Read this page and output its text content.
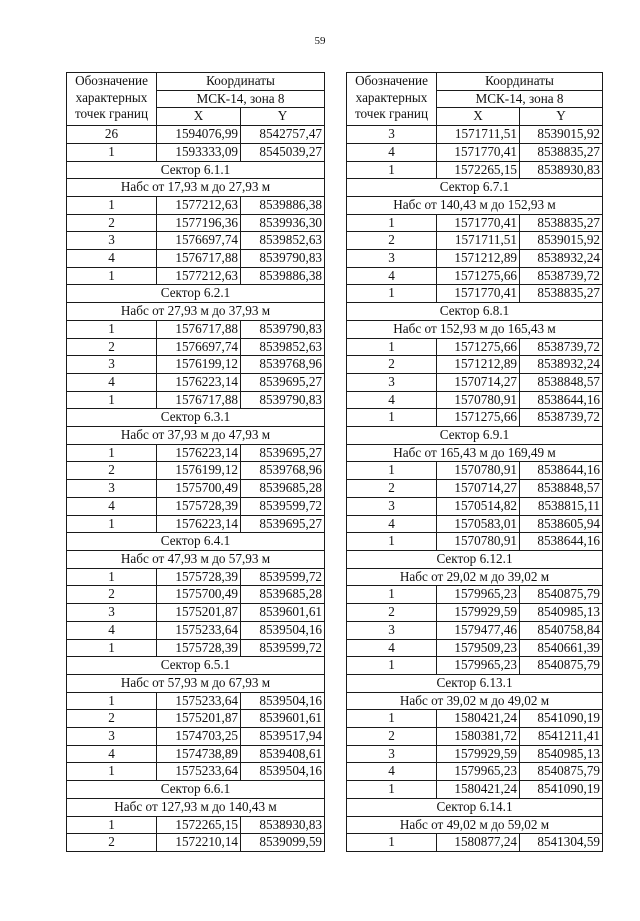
59
Обозначение
характерных
точек границ	Координаты	
	МСК-14, зона 8	
	X	Y
26	1594076,99	8542757,47
1	1593333,09	8545039,27
Сектор 6.1.1		
Набс от 17,93 м до 27,93 м		
1	1577212,63	8539886,38
2	1577196,36	8539936,30
3	1576697,74	8539852,63
4	1576717,88	8539790,83
1	1577212,63	8539886,38
Сектор 6.2.1		
Набс от 27,93 м до 37,93 м		
1	1576717,88	8539790,83
2	1576697,74	8539852,63
3	1576199,12	8539768,96
4	1576223,14	8539695,27
1	1576717,88	8539790,83
Сектор 6.3.1		
Набс от 37,93 м до 47,93 м		
1	1576223,14	8539695,27
2	1576199,12	8539768,96
3	1575700,49	8539685,28
4	1575728,39	8539599,72
1	1576223,14	8539695,27
Сектор 6.4.1		
Набс от 47,93 м до 57,93 м		
1	1575728,39	8539599,72
2	1575700,49	8539685,28
3	1575201,87	8539601,61
4	1575233,64	8539504,16
1	1575728,39	8539599,72
Сектор 6.5.1		
Набс от 57,93 м до 67,93 м		
1	1575233,64	8539504,16
2	1575201,87	8539601,61
3	1574703,25	8539517,94
4	1574738,89	8539408,61
1	1575233,64	8539504,16
Сектор 6.6.1		
Набс от 127,93 м до 140,43 м		
1	1572265,15	8538930,83
2	1572210,14	8539099,59
Обозначение
характерных
точек границ	Координаты	
	МСК-14, зона 8	
	X	Y
3	1571711,51	8539015,92
4	1571770,41	8538835,27
1	1572265,15	8538930,83
Сектор 6.7.1		
Набс от 140,43 м до 152,93 м		
1	1571770,41	8538835,27
2	1571711,51	8539015,92
3	1571212,89	8538932,24
4	1571275,66	8538739,72
1	1571770,41	8538835,27
Сектор 6.8.1		
Набс от 152,93 м до 165,43 м		
1	1571275,66	8538739,72
2	1571212,89	8538932,24
3	1570714,27	8538848,57
4	1570780,91	8538644,16
1	1571275,66	8538739,72
Сектор 6.9.1		
Набс от 165,43 м до 169,49 м		
1	1570780,91	8538644,16
2	1570714,27	8538848,57
3	1570514,82	8538815,11
4	1570583,01	8538605,94
1	1570780,91	8538644,16
Сектор 6.12.1		
Набс от 29,02 м до 39,02 м		
1	1579965,23	8540875,79
2	1579929,59	8540985,13
3	1579477,46	8540758,84
4	1579509,23	8540661,39
1	1579965,23	8540875,79
Сектор 6.13.1		
Набс от 39,02 м до 49,02 м		
1	1580421,24	8541090,19
2	1580381,72	8541211,41
3	1579929,59	8540985,13
4	1579965,23	8540875,79
1	1580421,24	8541090,19
Сектор 6.14.1		
Набс от 49,02 м до 59,02 м		
1	1580877,24	8541304,59
